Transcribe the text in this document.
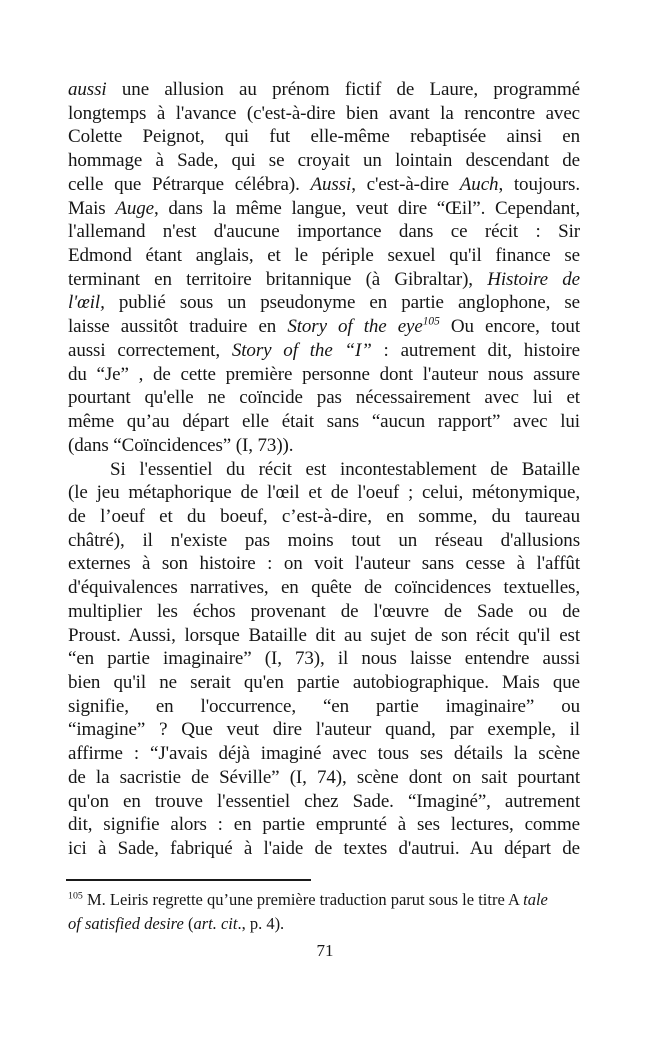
aussi une allusion au prénom fictif de Laure, programmé
longtemps à l'avance (c'est-à-dire bien avant la rencontre avec
Colette Peignot, qui fut elle-même rebaptisée ainsi en
hommage à Sade, qui se croyait un lointain descendant de
celle que Pétrarque célébra). Aussi, c'est-à-dire Auch, toujours.
Mais Auge, dans la même langue, veut dire “Œil”. Cependant,
l'allemand n'est d'aucune importance dans ce récit : Sir
Edmond étant anglais, et le périple sexuel qu'il finance se
terminant en territoire britannique (à Gibraltar), Histoire de
l'œil, publié sous un pseudonyme en partie anglophone, se
laisse aussitôt traduire en Story of the eye$^{105}$ Ou encore, tout
aussi correctement, Story of the “I” : autrement dit, histoire
du “Je” , de cette première personne dont l'auteur nous assure
pourtant qu'elle ne coïncide pas nécessairement avec lui et
même qu’au départ elle était sans “aucun rapport” avec lui
(dans “Coïncidences” (I, 73)).
Si l'essentiel du récit est incontestablement de Bataille
(le jeu métaphorique de l'œil et de l'oeuf ; celui, métonymique,
de l’oeuf et du boeuf, c’est-à-dire, en somme, du taureau
châtré), il n'existe pas moins tout un réseau d'allusions
externes à son histoire : on voit l'auteur sans cesse à l'affût
d'équivalences narratives, en quête de coïncidences textuelles,
multiplier les échos provenant de l'œuvre de Sade ou de
Proust. Aussi, lorsque Bataille dit au sujet de son récit qu'il est
“en partie imaginaire” (I, 73), il nous laisse entendre aussi
bien qu'il ne serait qu'en partie autobiographique. Mais que
signifie, en l'occurrence, “en partie imaginaire” ou
“imagine” ? Que veut dire l'auteur quand, par exemple, il
affirme : “J'avais déjà imaginé avec tous ses détails la scène
de la sacristie de Séville” (I, 74), scène dont on sait pourtant
qu'on en trouve l'essentiel chez Sade. “Imaginé”, autrement
dit, signifie alors : en partie emprunté à ses lectures, comme
ici à Sade, fabriqué à l'aide de textes d'autrui. Au départ de
$^{105}$ M. Leiris regrette qu’une première traduction parut sous le titre A tale
of satisfied desire (art. cit., p. 4).
71
